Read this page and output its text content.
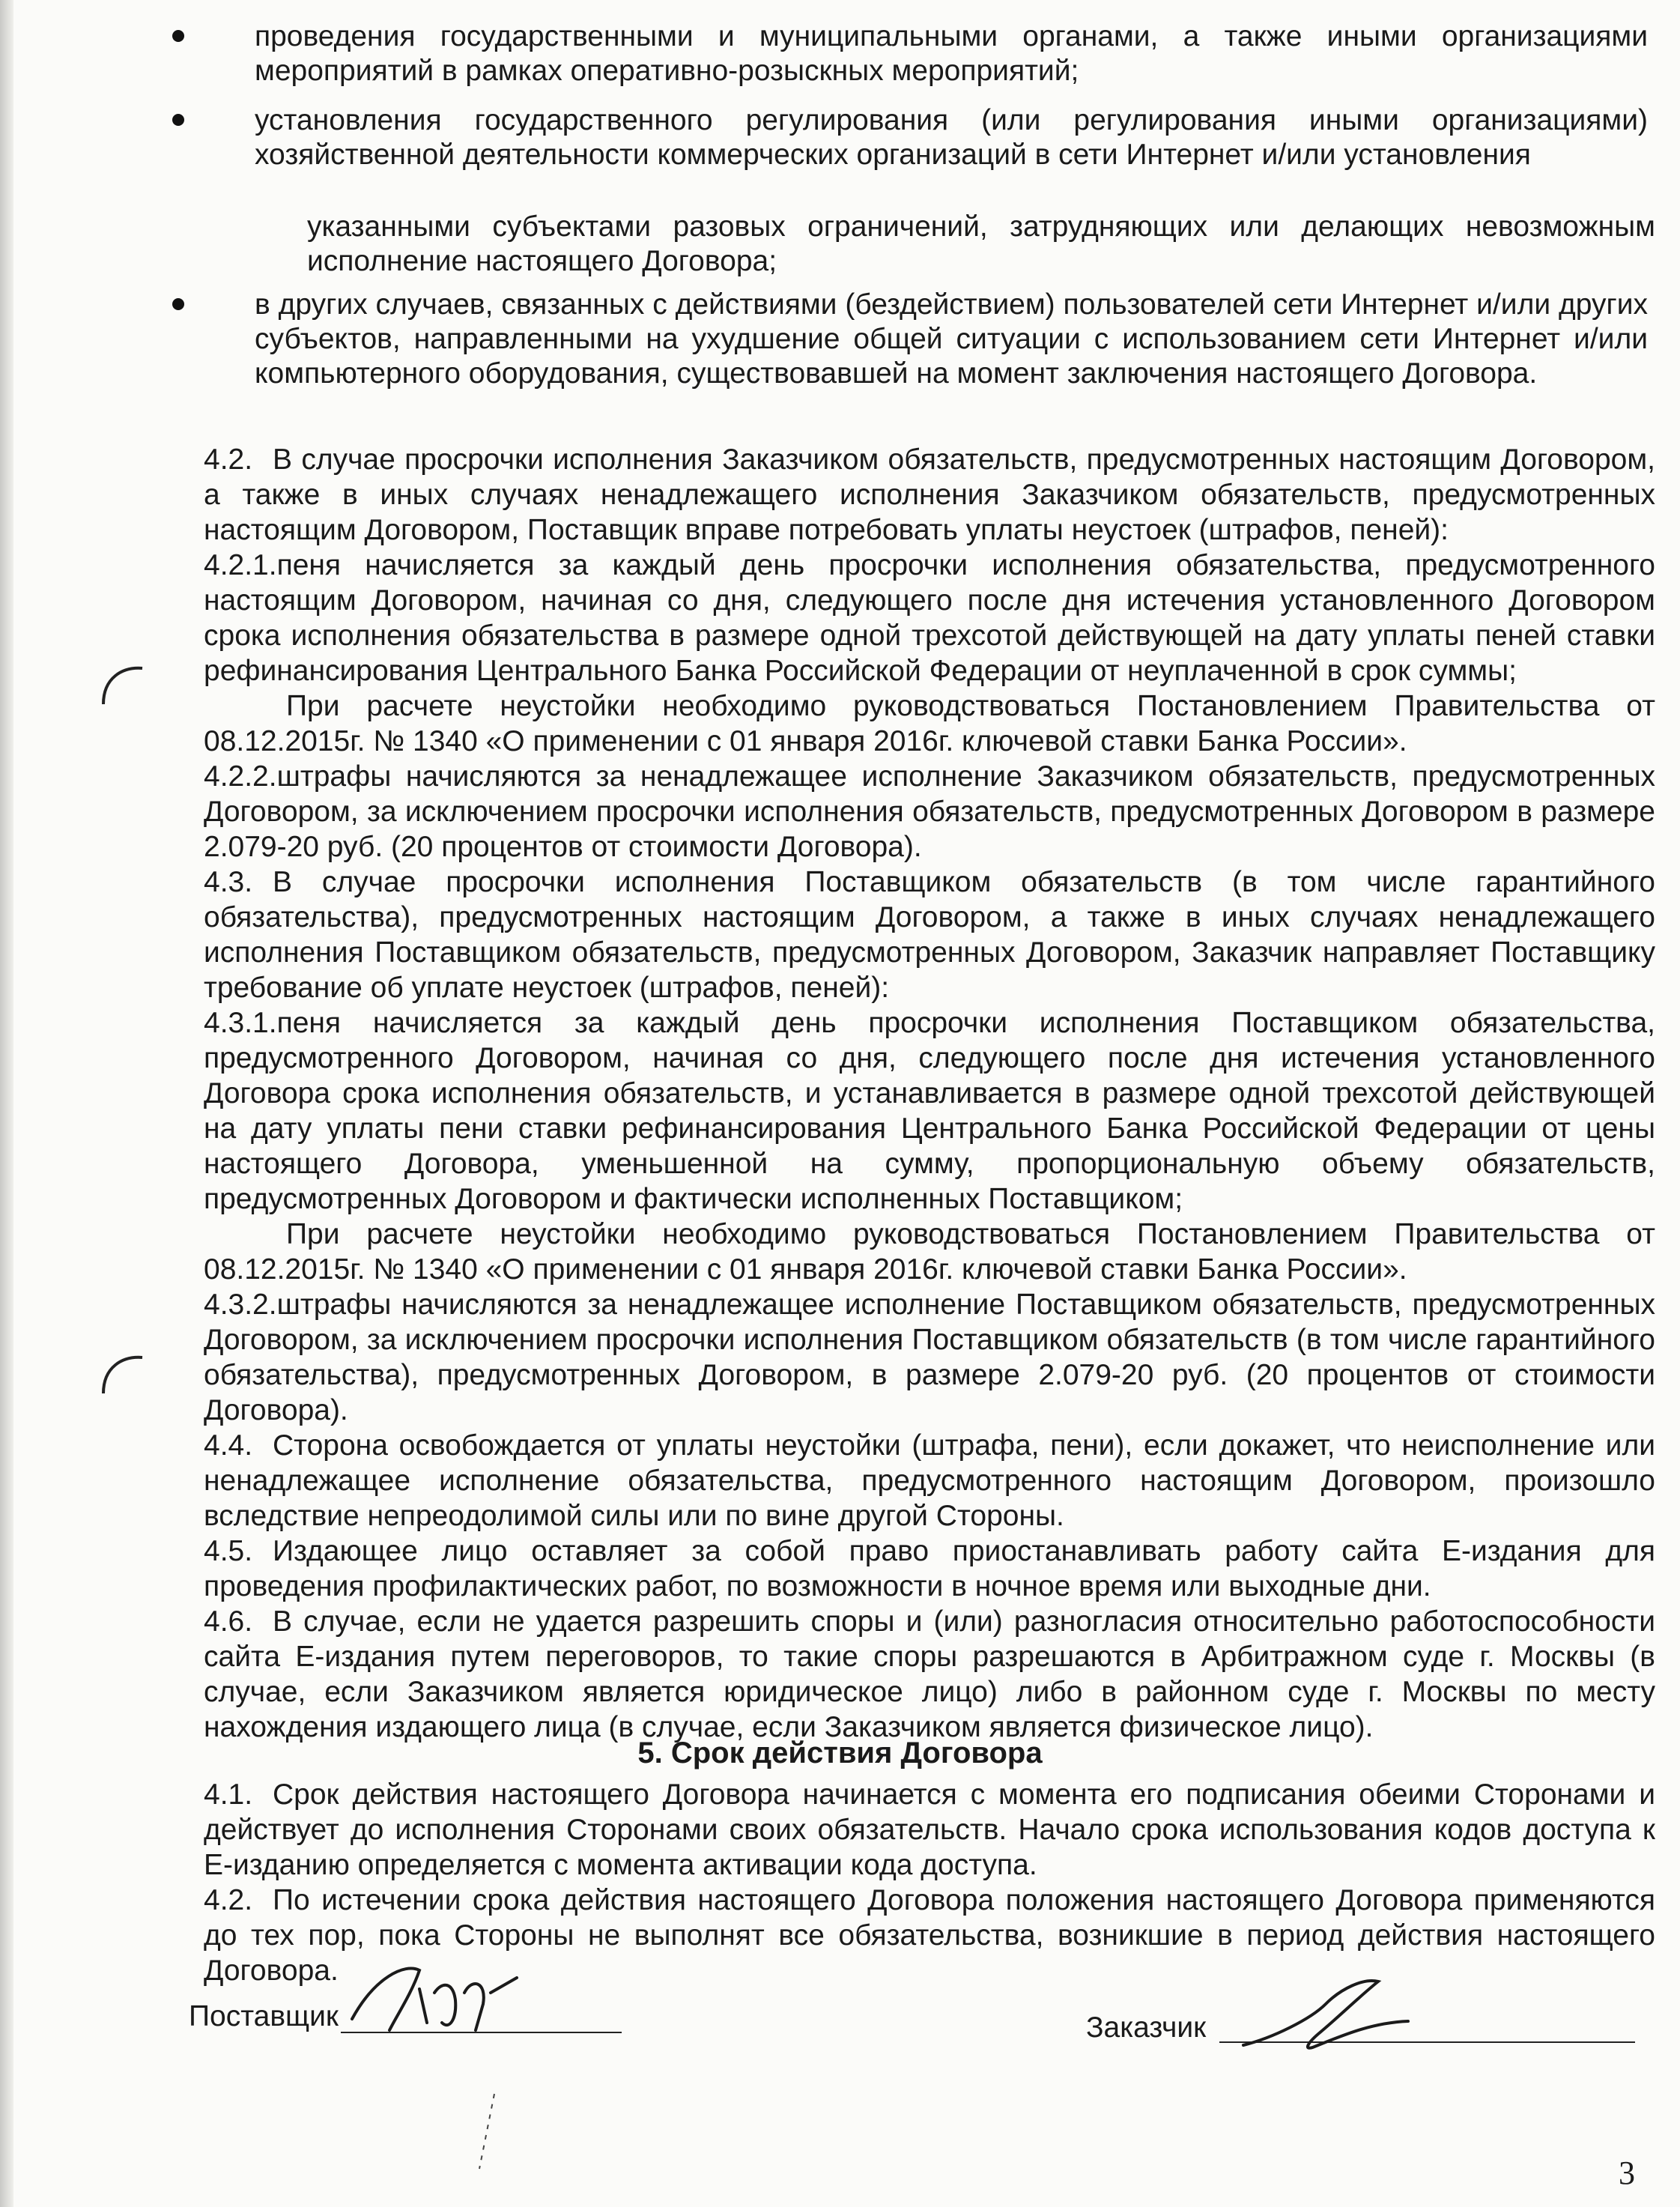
проведения государственными и муниципальными органами, а также иными организациями мероприятий в рамках оперативно-розыскных мероприятий;
установления государственного регулирования (или регулирования иными организациями) хозяйственной деятельности коммерческих организаций в сети Интернет и/или установления
указанными субъектами разовых ограничений, затрудняющих или делающих невозможным исполнение настоящего Договора;
в других случаев, связанных с действиями (бездействием) пользователей сети Интернет и/или других субъектов, направленными на ухудшение общей ситуации с использованием сети Интернет и/или компьютерного оборудования, существовавшей на момент заключения настоящего Договора.

4.2. В случае просрочки исполнения Заказчиком обязательств, предусмотренных настоящим Договором, а также в иных случаях ненадлежащего исполнения Заказчиком обязательств, предусмотренных настоящим Договором, Поставщик вправе потребовать уплаты неустоек (штрафов, пеней):

4.2.1.пеня начисляется за каждый день просрочки исполнения обязательства, предусмотренного настоящим Договором, начиная со дня, следующего после дня истечения установленного Договором срока исполнения обязательства в размере одной трехсотой действующей на дату уплаты пеней ставки рефинансирования Центрального Банка Российской Федерации от неуплаченной в срок суммы;

При расчете неустойки необходимо руководствоваться Постановлением Правительства от 08.12.2015г. № 1340 «О применении с 01 января 2016г. ключевой ставки Банка России».

4.2.2.штрафы начисляются за ненадлежащее исполнение Заказчиком обязательств, предусмотренных Договором, за исключением просрочки исполнения обязательств, предусмотренных Договором в размере 2.079-20 руб. (20 процентов от стоимости Договора).

4.3. В случае просрочки исполнения Поставщиком обязательств (в том числе гарантийного обязательства), предусмотренных настоящим Договором, а также в иных случаях ненадлежащего исполнения Поставщиком обязательств, предусмотренных Договором, Заказчик направляет Поставщику требование об уплате неустоек (штрафов, пеней):

4.3.1.пеня начисляется за каждый день просрочки исполнения Поставщиком обязательства, предусмотренного Договором, начиная со дня, следующего после дня истечения установленного Договора срока исполнения обязательств, и устанавливается в размере одной трехсотой действующей на дату уплаты пени ставки рефинансирования Центрального Банка Российской Федерации от цены настоящего Договора, уменьшенной на сумму, пропорциональную объему обязательств, предусмотренных Договором и фактически исполненных Поставщиком;

При расчете неустойки необходимо руководствоваться Постановлением Правительства от 08.12.2015г. № 1340 «О применении с 01 января 2016г. ключевой ставки Банка России».

4.3.2.штрафы начисляются за ненадлежащее исполнение Поставщиком обязательств, предусмотренных Договором, за исключением просрочки исполнения Поставщиком обязательств (в том числе гарантийного обязательства), предусмотренных Договором, в размере 2.079-20 руб. (20 процентов от стоимости Договора).

4.4. Сторона освобождается от уплаты неустойки (штрафа, пени), если докажет, что неисполнение или ненадлежащее исполнение обязательства, предусмотренного настоящим Договором, произошло вследствие непреодолимой силы или по вине другой Стороны.

4.5. Издающее лицо оставляет за собой право приостанавливать работу сайта Е-издания для проведения профилактических работ, по возможности в ночное время или выходные дни.

4.6. В случае, если не удается разрешить споры и (или) разногласия относительно работоспособности сайта Е-издания путем переговоров, то такие споры разрешаются в Арбитражном суде г. Москвы (в случае, если Заказчиком является юридическое лицо) либо в районном суде г. Москвы по месту нахождения издающего лица (в случае, если Заказчиком является физическое лицо).

5. Срок действия Договора

4.1. Срок действия настоящего Договора начинается с момента его подписания обеими Сторонами и действует до исполнения Сторонами своих обязательств. Начало срока использования кодов доступа к Е-изданию определяется с момента активации кода доступа.

4.2. По истечении срока действия настоящего Договора положения настоящего Договора применяются до тех пор, пока Стороны не выполнят все обязательства, возникшие в период действия настоящего Договора.

Поставщик	Заказчик
3
